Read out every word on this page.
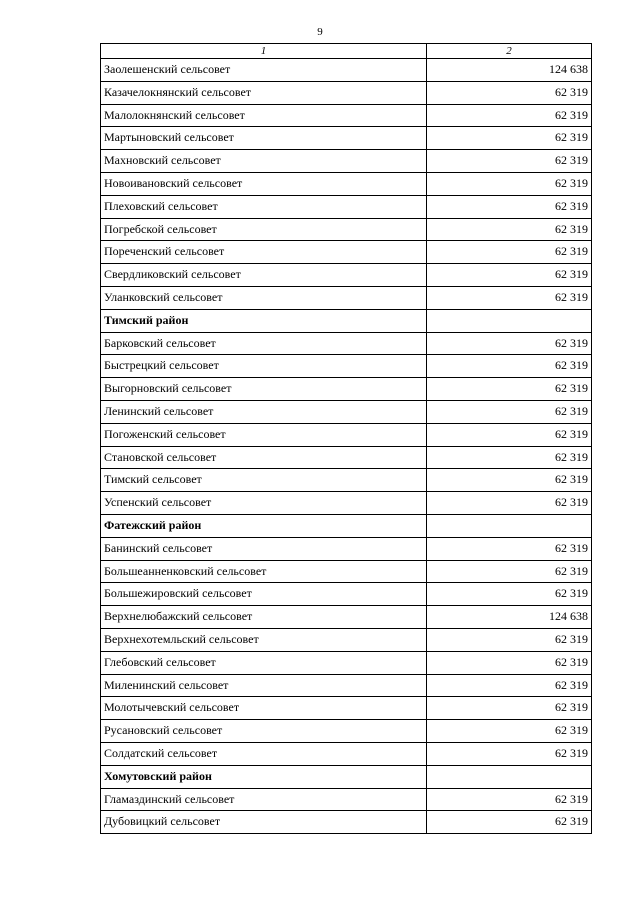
9
1	2
Заолешенский сельсовет	124 638
Казачелокнянский сельсовет	62 319
Малолокнянский сельсовет	62 319
Мартыновский сельсовет	62 319
Махновский сельсовет	62 319
Новоивановский сельсовет	62 319
Плеховский сельсовет	62 319
Погребской сельсовет	62 319
Пореченский сельсовет	62 319
Свердликовский сельсовет	62 319
Уланковский сельсовет	62 319
Тимский район	
Барковский сельсовет	62 319
Быстрецкий сельсовет	62 319
Выгорновский сельсовет	62 319
Ленинский сельсовет	62 319
Погоженский сельсовет	62 319
Становской сельсовет	62 319
Тимский сельсовет	62 319
Успенский сельсовет	62 319
Фатежский район	
Банинский сельсовет	62 319
Большеанненковский сельсовет	62 319
Большежировский сельсовет	62 319
Верхнелюбажский сельсовет	124 638
Верхнехотемльский сельсовет	62 319
Глебовский сельсовет	62 319
Миленинский сельсовет	62 319
Молотычевский сельсовет	62 319
Русановский сельсовет	62 319
Солдатский сельсовет	62 319
Хомутовский район	
Гламаздинский сельсовет	62 319
Дубовицкий сельсовет	62 319
